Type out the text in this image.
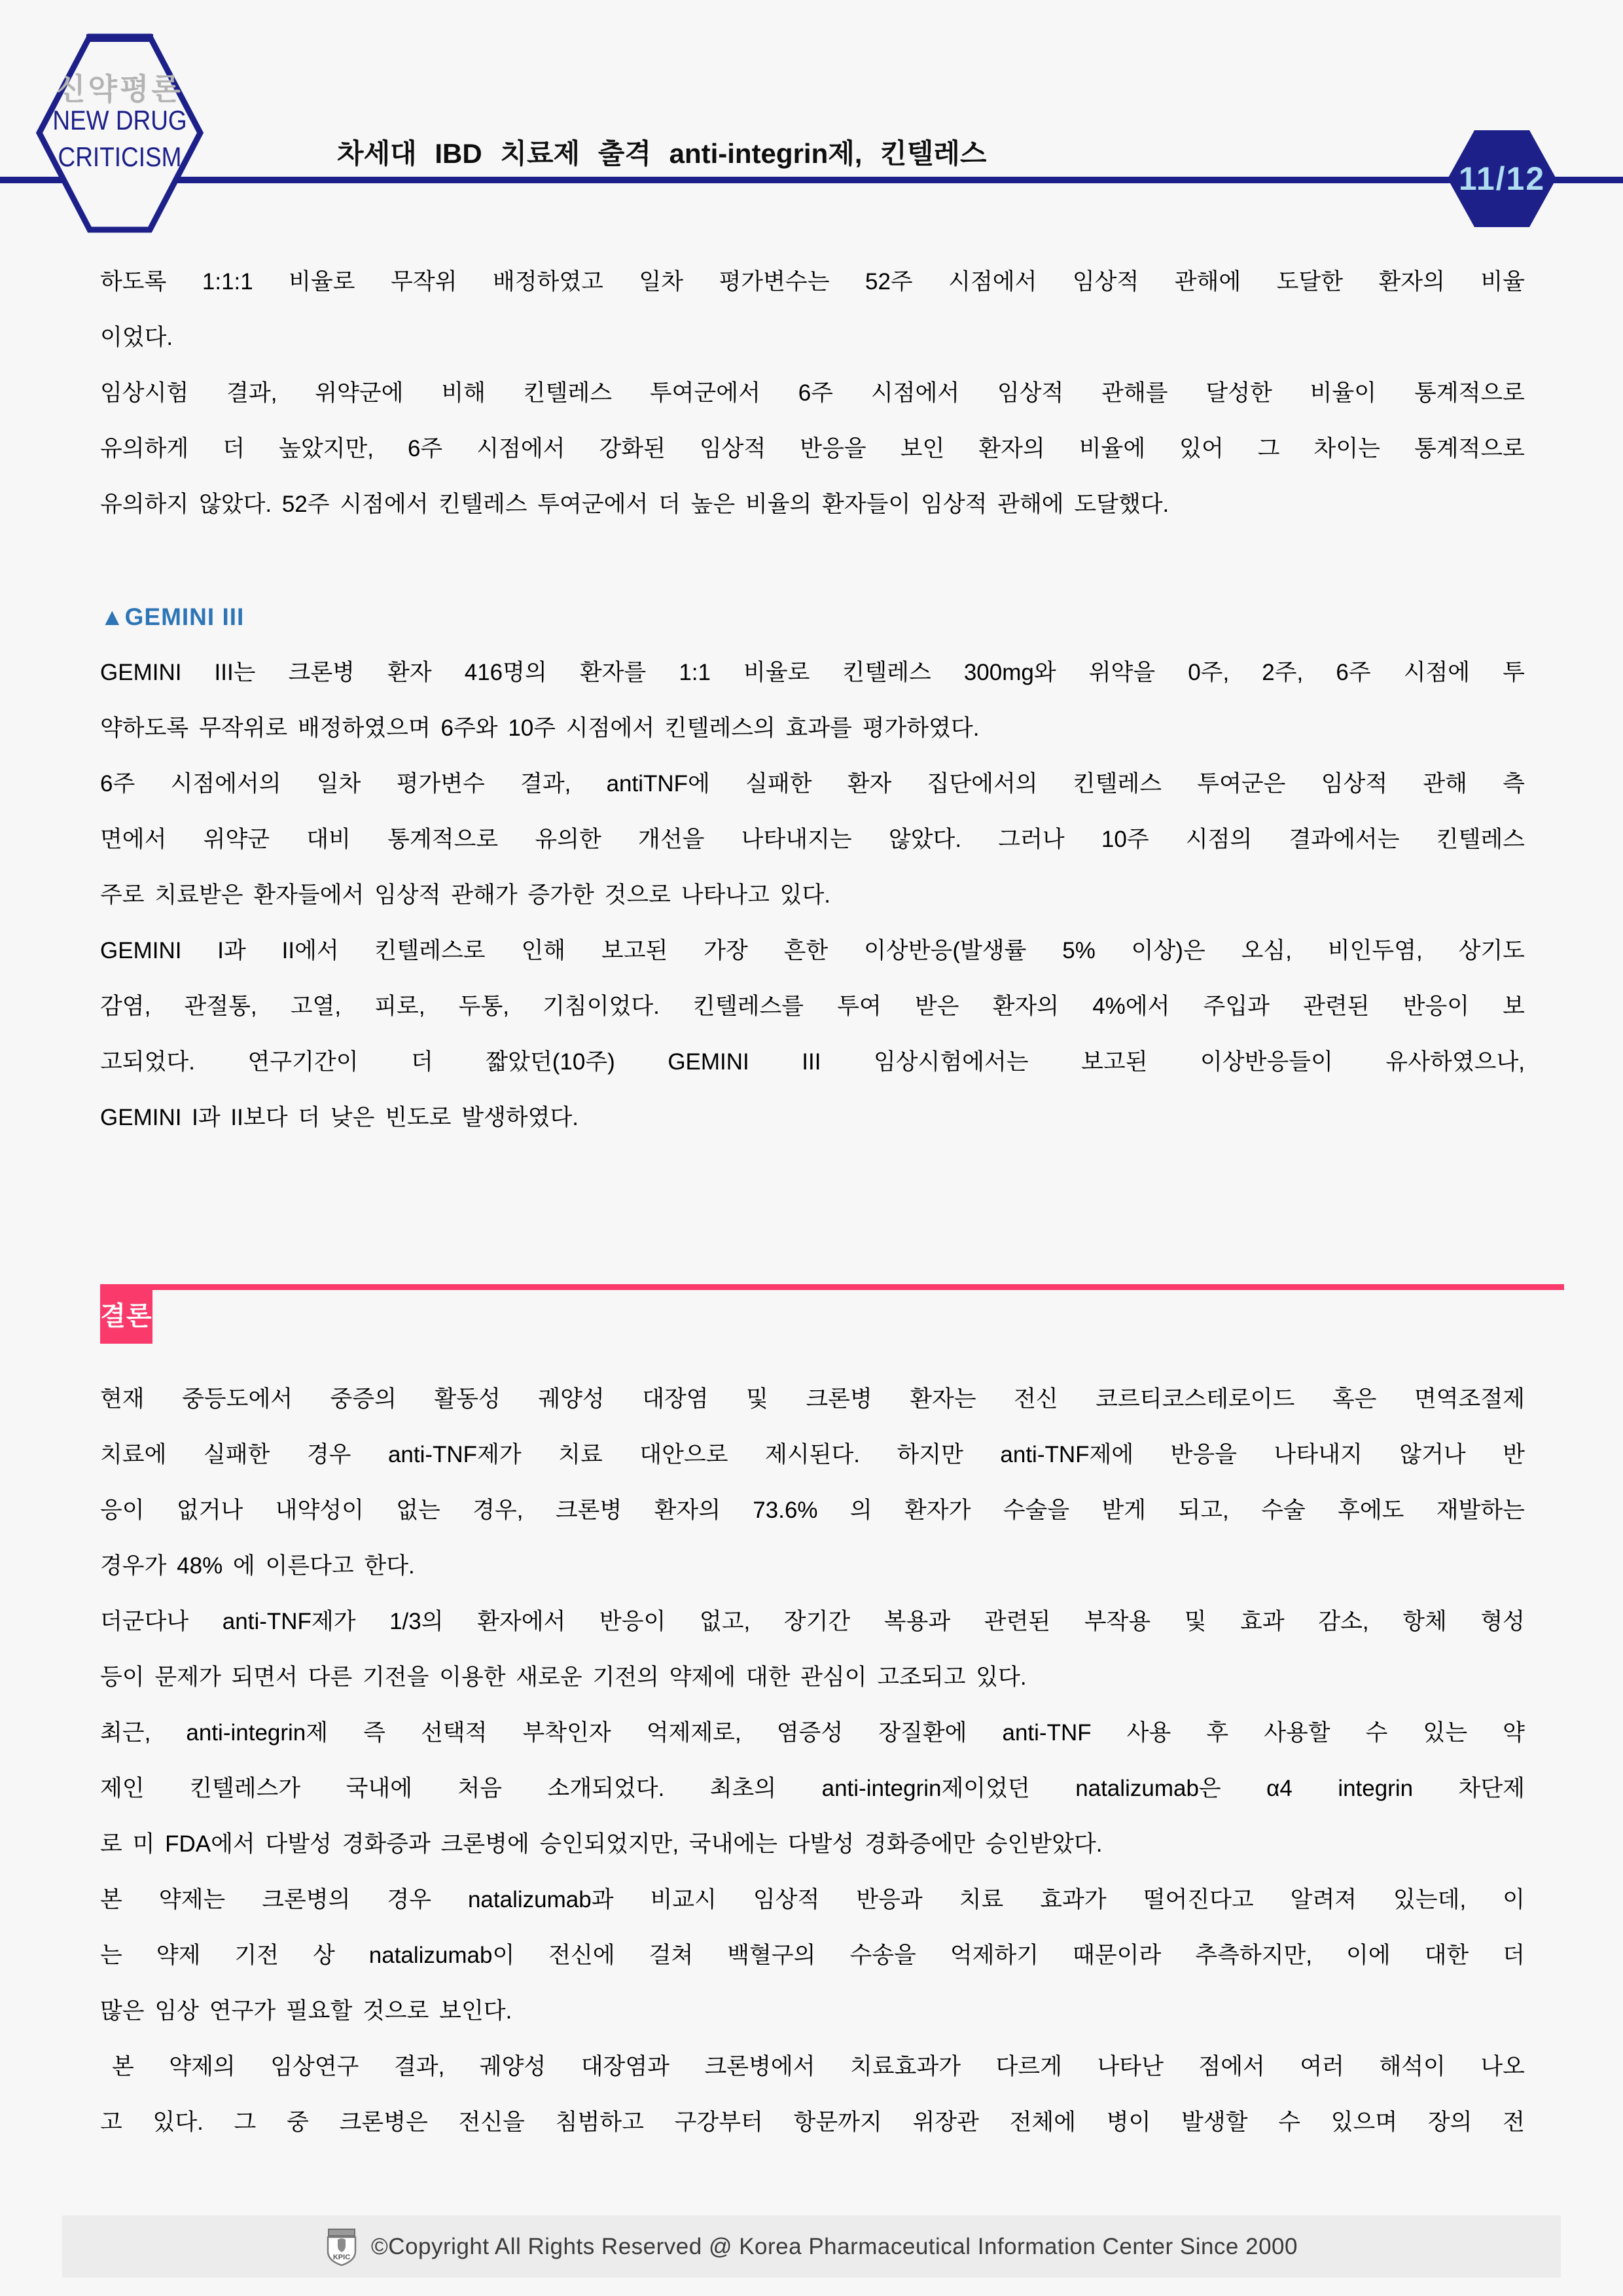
신약평론
NEW DRUG
CRITICISM	차세대 IBD 치료제 출격 anti-integrin제, 킨텔레스
11/12
하도록 1:1:1 비율로 무작위 배정하였고 일차 평가변수는 52주 시점에서 임상적 관해에 도달한 환자의 비율
이었다.
임상시험 결과, 위약군에 비해 킨텔레스 투여군에서 6주 시점에서 임상적 관해를 달성한 비율이 통계적으로
유의하게 더 높았지만, 6주 시점에서 강화된 임상적 반응을 보인 환자의 비율에 있어 그 차이는 통계적으로
유의하지 않았다. 52주 시점에서 킨텔레스 투여군에서 더 높은 비율의 환자들이 임상적 관해에 도달했다.
▲GEMINI III
GEMINI III는 크론병 환자 416명의 환자를 1:1 비율로 킨텔레스 300mg와 위약을 0주, 2주, 6주 시점에 투
약하도록 무작위로 배정하였으며 6주와 10주 시점에서 킨텔레스의 효과를 평가하였다.
6주 시점에서의 일차 평가변수 결과, antiTNF에 실패한 환자 집단에서의 킨텔레스 투여군은 임상적 관해 측
면에서 위약군 대비 통계적으로 유의한 개선을 나타내지는 않았다. 그러나 10주 시점의 결과에서는 킨텔레스
주로 치료받은 환자들에서 임상적 관해가 증가한 것으로 나타나고 있다.
GEMINI I과 II에서 킨텔레스로 인해 보고된 가장 흔한 이상반응(발생률 5% 이상)은 오심, 비인두염, 상기도
감염, 관절통, 고열, 피로, 두통, 기침이었다. 킨텔레스를 투여 받은 환자의 4%에서 주입과 관련된 반응이 보
고되었다. 연구기간이 더 짧았던(10주) GEMINI III 임상시험에서는 보고된 이상반응들이 유사하였으나,
GEMINI I과 II보다 더 낮은 빈도로 발생하였다.
결론
현재 중등도에서 중증의 활동성 궤양성 대장염 및 크론병 환자는 전신 코르티코스테로이드 혹은 면역조절제
치료에 실패한 경우 anti-TNF제가 치료 대안으로 제시된다. 하지만 anti-TNF제에 반응을 나타내지 않거나 반
응이 없거나 내약성이 없는 경우, 크론병 환자의 73.6% 의 환자가 수술을 받게 되고, 수술 후에도 재발하는
경우가 48% 에 이른다고 한다.
더군다나 anti-TNF제가 1/3의 환자에서 반응이 없고, 장기간 복용과 관련된 부작용 및 효과 감소, 항체 형성
등이 문제가 되면서 다른 기전을 이용한 새로운 기전의 약제에 대한 관심이 고조되고 있다.
최근, anti-integrin제 즉 선택적 부착인자 억제제로, 염증성 장질환에 anti-TNF 사용 후 사용할 수 있는 약
제인 킨텔레스가 국내에 처음 소개되었다. 최초의 anti-integrin제이었던 natalizumab은 α4 integrin 차단제
로 미 FDA에서 다발성 경화증과 크론병에 승인되었지만, 국내에는 다발성 경화증에만 승인받았다.
본 약제는 크론병의 경우 natalizumab과 비교시 임상적 반응과 치료 효과가 떨어진다고 알려져 있는데, 이
는 약제 기전 상 natalizumab이 전신에 걸쳐 백혈구의 수송을 억제하기 때문이라 추측하지만, 이에 대한 더
많은 임상 연구가 필요할 것으로 보인다.
본 약제의 임상연구 결과, 궤양성 대장염과 크론병에서 치료효과가 다르게 나타난 점에서 여러 해석이 나오
고 있다. 그 중 크론병은 전신을 침범하고 구강부터 항문까지 위장관 전체에 병이 발생할 수 있으며 장의 전
KPIC ©Copyright All Rights Reserved @ Korea Pharmaceutical Information Center Since 2000
